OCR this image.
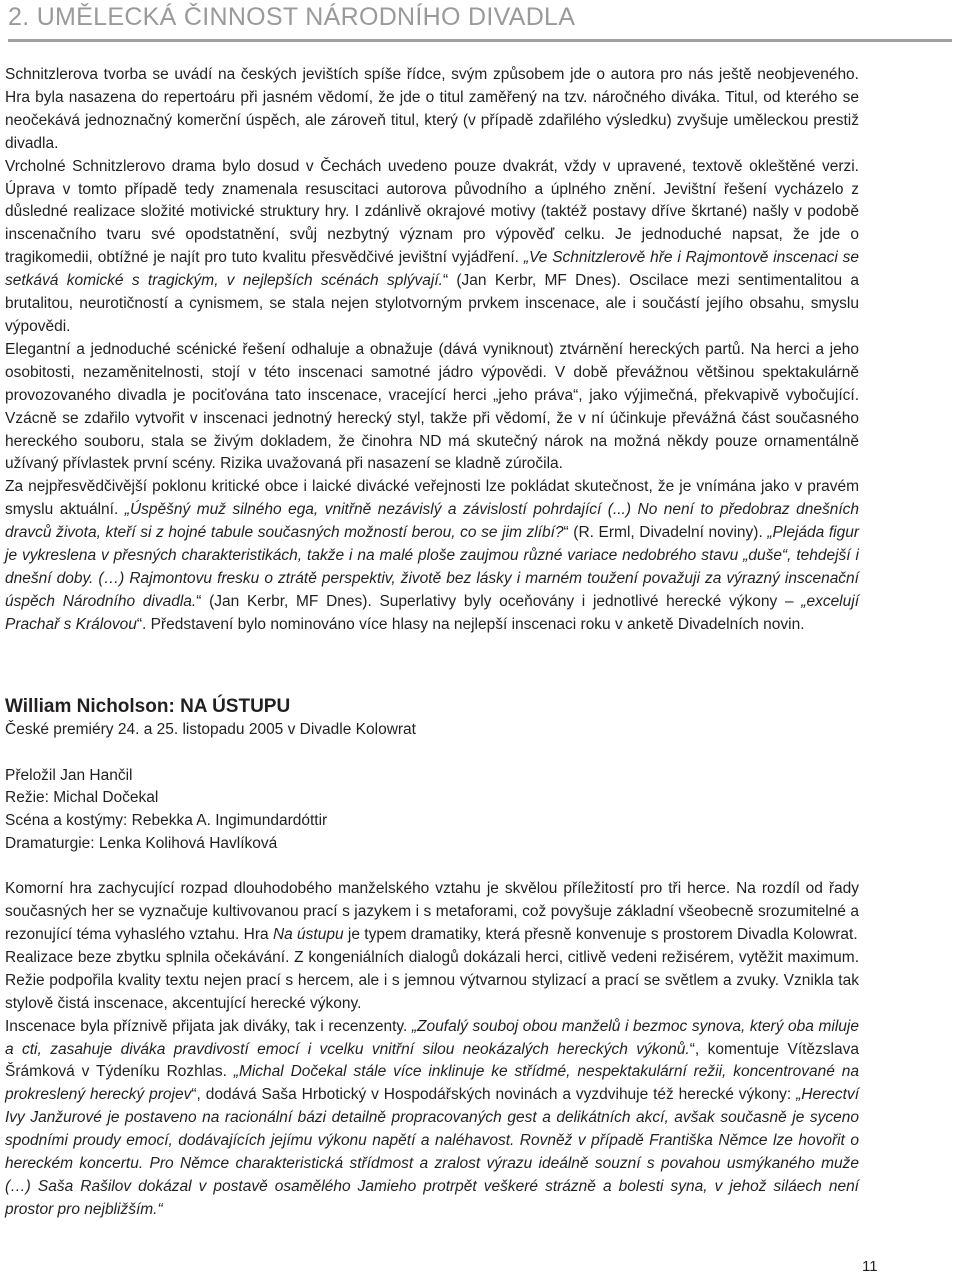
2. UMĚLECKÁ ČINNOST NÁRODNÍHO DIVADLA

Schnitzlerova tvorba se uvádí na českých jevištích spíše řídce, svým způsobem jde o autora pro nás ještě neobjeveného. Hra byla nasazena do repertoáru při jasném vědomí, že jde o titul zaměřený na tzv. náročného diváka. Titul, od kterého se neočekává jednoznačný komerční úspěch, ale zároveň titul, který (v případě zdařilého výsledku) zvyšuje uměleckou prestiž divadla.

Vrcholné Schnitzlerovo drama bylo dosud v Čechách uvedeno pouze dvakrát, vždy v upravené, textově okleštěné verzi. Úprava v tomto případě tedy znamenala resuscitaci autorova původního a úplného znění. Jevištní řešení vycházelo z důsledné realizace složité motivické struktury hry. I zdánlivě okrajové motivy (taktéž postavy dříve škrtané) našly v podobě inscenačního tvaru své opodstatnění, svůj nezbytný význam pro výpověď celku. Je jednoduché napsat, že jde o tragikomedii, obtížné je najít pro tuto kvalitu přesvědčivé jevištní vyjádření. „Ve Schnitzlerově hře i Rajmontově inscenaci se setkává komické s tragickým, v nejlepších scénách splývají.“ (Jan Kerbr, MF Dnes). Oscilace mezi sentimentalitou a brutalitou, neurotičností a cynismem, se stala nejen stylotvorným prvkem inscenace, ale i součástí jejího obsahu, smyslu výpovědi.

Elegantní a jednoduché scénické řešení odhaluje a obnažuje (dává vyniknout) ztvárnění hereckých partů. Na herci a jeho osobitosti, nezaměnitelnosti, stojí v této inscenaci samotné jádro výpovědi. V době převážnou většinou spektakulárně provozovaného divadla je pociťována tato inscenace, vracející herci „jeho práva“, jako výjimečná, překvapivě vybočující. Vzácně se zdařilo vytvořit v inscenaci jednotný herecký styl, takže při vědomí, že v ní účinkuje převážná část současného hereckého souboru, stala se živým dokladem, že činohra ND má skutečný nárok na možná někdy pouze ornamentálně užívaný přívlastek první scény. Rizika uvažovaná při nasazení se kladně zúročila.

Za nejpřesvědčivější poklonu kritické obce i laické divácké veřejnosti lze pokládat skutečnost, že je vnímána jako v pravém smyslu aktuální. „Úspěšný muž silného ega, vnitřně nezávislý a závislostí pohrdající (...) No není to předobraz dnešních dravců života, kteří si z hojné tabule současných možností berou, co se jim zlíbí?“ (R. Erml, Divadelní noviny). „Plejáda figur je vykreslena v přesných charakteristikách, takže i na malé ploše zaujmou různé variace nedobrého stavu „duše“, tehdejší i dnešní doby. (…) Rajmontovu fresku o ztrátě perspektiv, životě bez lásky i marném toužení považuji za výrazný inscenační úspěch Národního divadla.“ (Jan Kerbr, MF Dnes). Superlativy byly oceňovány i jednotlivé herecké výkony – „excelují Prachař s Královou“. Představení bylo nominováno více hlasy na nejlepší inscenaci roku v anketě Divadelních novin.

William Nicholson: NA ÚSTUPU
České premiéry 24. a 25. listopadu 2005 v Divadle Kolowrat
Přeložil Jan Hančil
Režie: Michal Dočekal
Scéna a kostýmy: Rebekka A. Ingimundardóttir
Dramaturgie: Lenka Kolihová Havlíková

Komorní hra zachycující rozpad dlouhodobého manželského vztahu je skvělou příležitostí pro tři herce. Na rozdíl od řady současných her se vyznačuje kultivovanou prací s jazykem i s metaforami, což povyšuje základní všeobecně srozumitelné a rezonující téma vyhaslého vztahu. Hra Na ústupu je typem dramatiky, která přesně konvenuje s prostorem Divadla Kolowrat.

Realizace beze zbytku splnila očekávání. Z kongeniálních dialogů dokázali herci, citlivě vedeni režisérem, vytěžit maximum. Režie podpořila kvality textu nejen prací s hercem, ale i s jemnou výtvarnou stylizací a prací se světlem a zvuky. Vznikla tak stylově čistá inscenace, akcentující herecké výkony.

Inscenace byla příznivě přijata jak diváky, tak i recenzenty. „Zoufalý souboj obou manželů i bezmoc synova, který oba miluje a cti, zasahuje diváka pravdivostí emocí i vcelku vnitřní silou neokázalých hereckých výkonů.“, komentuje Vítězslava Šrámková v Týdeníku Rozhlas. „Michal Dočekal stále více inklinuje ke střídmé, nespektakulární režii, koncentrované na prokreslený herecký projev“, dodává Saša Hrbotický v Hospodářských novinách a vyzdvihuje též herecké výkony: „Herectví Ivy Janžurové je postaveno na racionální bázi detailně propracovaných gest a delikátních akcí, avšak současně je syceno spodními proudy emocí, dodávajících jejímu výkonu napětí a naléhavost. Rovněž v případě Františka Němce lze hovořit o hereckém koncertu. Pro Němce charakteristická střídmost a zralost výrazu ideálně souzní s povahou usmýkaného muže (…) Saša Rašilov dokázal v postavě osamělého Jamieho protrpět veškeré strázně a bolesti syna, v jehož siláech není prostor pro nejbližším.“

11
